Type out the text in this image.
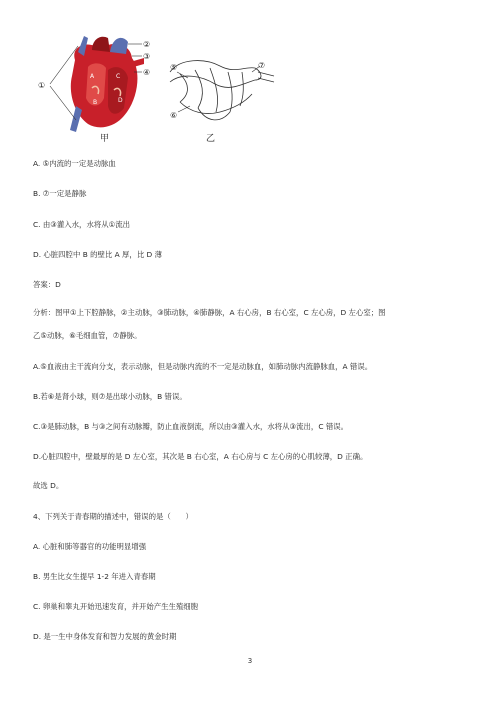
B	D
A	C
①
②
③
④
⑤
⑥
⑦
甲	乙
A. ⑤内流的一定是动脉血
B. ⑦一定是静脉
C. 由③灌入水，水将从①流出
D. 心脏四腔中 B 的壁比 A 厚，比 D 薄
答案：D
分析：图甲①上下腔静脉，②主动脉，③肺动脉，④肺静脉，A 右心房，B 右心室，C 左心房，D 左心室；图
乙⑤动脉，⑥毛细血管，⑦静脉。
A.⑤血液由主干流向分支，表示动脉，但是动脉内流的不一定是动脉血，如肺动脉内流静脉血，A 错误。
B.若⑥是肾小球，则⑦是出球小动脉，B 错误。
C.③是肺动脉，B 与③之间有动脉瓣，防止血液倒流，所以由③灌入水，水将从③流出，C 错误。
D.心脏四腔中，壁最厚的是 D 左心室，其次是 B 右心室，A 右心房与 C 左心房的心肌较薄，D 正确。
故选 D。
4、下列关于青春期的描述中，错误的是（　　）
A. 心脏和肺等器官的功能明显增强
B. 男生比女生提早 1-2 年进入青春期
C. 卵巢和睾丸开始迅速发育，并开始产生生殖细胞
D. 是一生中身体发育和智力发展的黄金时期
3
